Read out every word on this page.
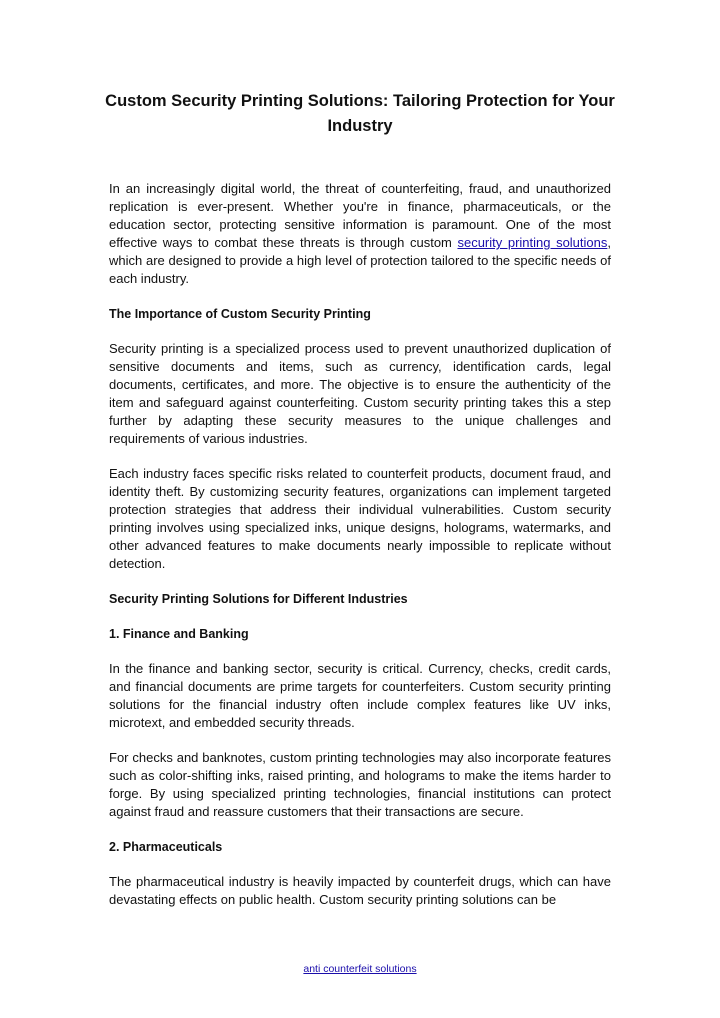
Custom Security Printing Solutions: Tailoring Protection for Your Industry

In an increasingly digital world, the threat of counterfeiting, fraud, and unauthorized replication is ever-present. Whether you're in finance, pharmaceuticals, or the education sector, protecting sensitive information is paramount. One of the most effective ways to combat these threats is through custom security printing solutions, which are designed to provide a high level of protection tailored to the specific needs of each industry.

The Importance of Custom Security Printing

Security printing is a specialized process used to prevent unauthorized duplication of sensitive documents and items, such as currency, identification cards, legal documents, certificates, and more. The objective is to ensure the authenticity of the item and safeguard against counterfeiting. Custom security printing takes this a step further by adapting these security measures to the unique challenges and requirements of various industries.

Each industry faces specific risks related to counterfeit products, document fraud, and identity theft. By customizing security features, organizations can implement targeted protection strategies that address their individual vulnerabilities. Custom security printing involves using specialized inks, unique designs, holograms, watermarks, and other advanced features to make documents nearly impossible to replicate without detection.

Security Printing Solutions for Different Industries
1. Finance and Banking

In the finance and banking sector, security is critical. Currency, checks, credit cards, and financial documents are prime targets for counterfeiters. Custom security printing solutions for the financial industry often include complex features like UV inks, microtext, and embedded security threads.

For checks and banknotes, custom printing technologies may also incorporate features such as color-shifting inks, raised printing, and holograms to make the items harder to forge. By using specialized printing technologies, financial institutions can protect against fraud and reassure customers that their transactions are secure.

2. Pharmaceuticals

The pharmaceutical industry is heavily impacted by counterfeit drugs, which can have devastating effects on public health. Custom security printing solutions can be

anti counterfeit solutions
